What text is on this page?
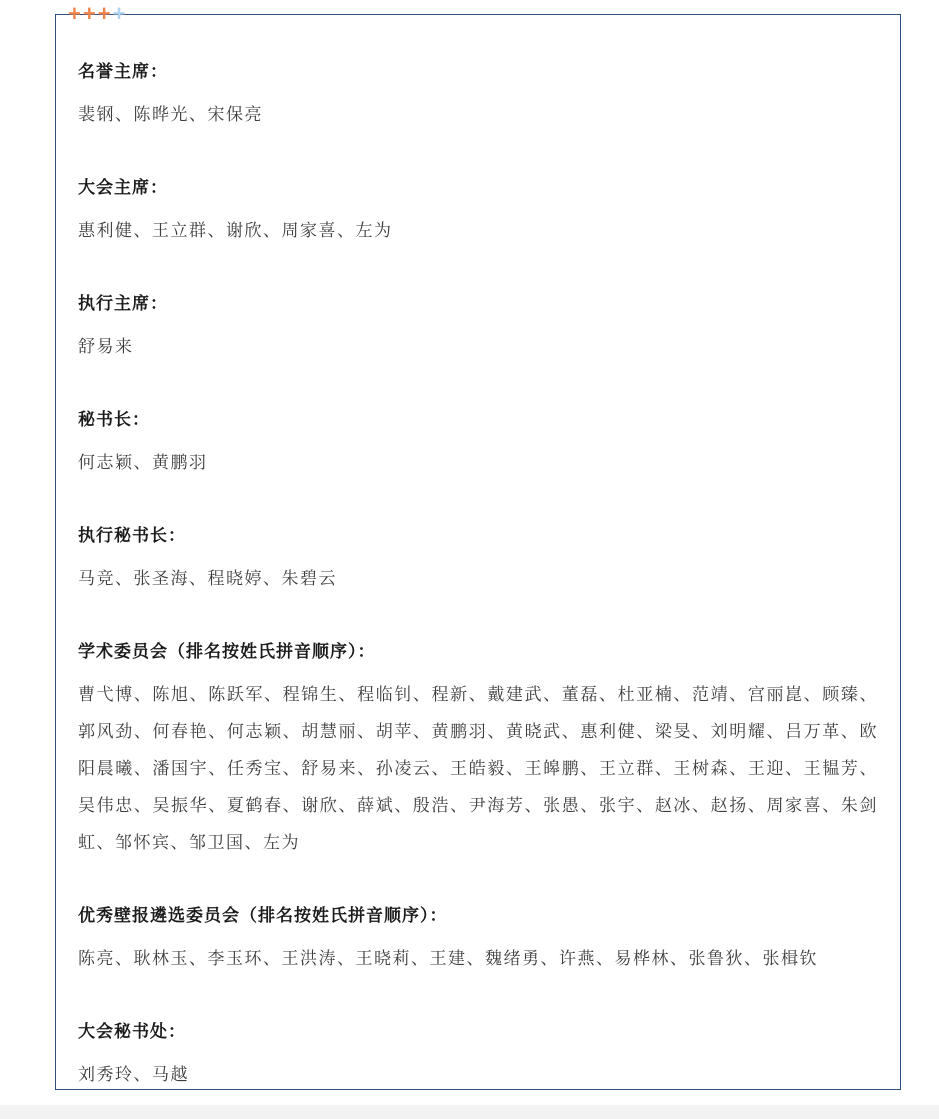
+ + + +
名誉主席：

裴钢、陈晔光、宋保亮

大会主席：

惠利健、王立群、谢欣、周家喜、左为

执行主席：

舒易来

秘书长：

何志颖、黄鹏羽

执行秘书长：

马竞、张圣海、程晓婷、朱碧云

学术委员会（排名按姓氏拼音顺序）：

曹弋博、陈旭、陈跃军、程锦生、程临钊、程新、戴建武、董磊、杜亚楠、范靖、宫丽崑、顾臻、郭风劲、何春艳、何志颖、胡慧丽、胡苹、黄鹏羽、黄晓武、惠利健、梁旻、刘明耀、吕万革、欧阳晨曦、潘国宇、任秀宝、舒易来、孙凌云、王皓毅、王皞鹏、王立群、王树森、王迎、王韫芳、吴伟忠、吴振华、夏鹤春、谢欣、薛斌、殷浩、尹海芳、张愚、张宇、赵冰、赵扬、周家喜、朱剑虹、邹怀宾、邹卫国、左为

优秀壁报遴选委员会（排名按姓氏拼音顺序）：

陈亮、耿林玉、李玉环、王洪涛、王晓莉、王建、魏绪勇、许燕、易桦林、张鲁狄、张楫钦

大会秘书处：

刘秀玲、马越
